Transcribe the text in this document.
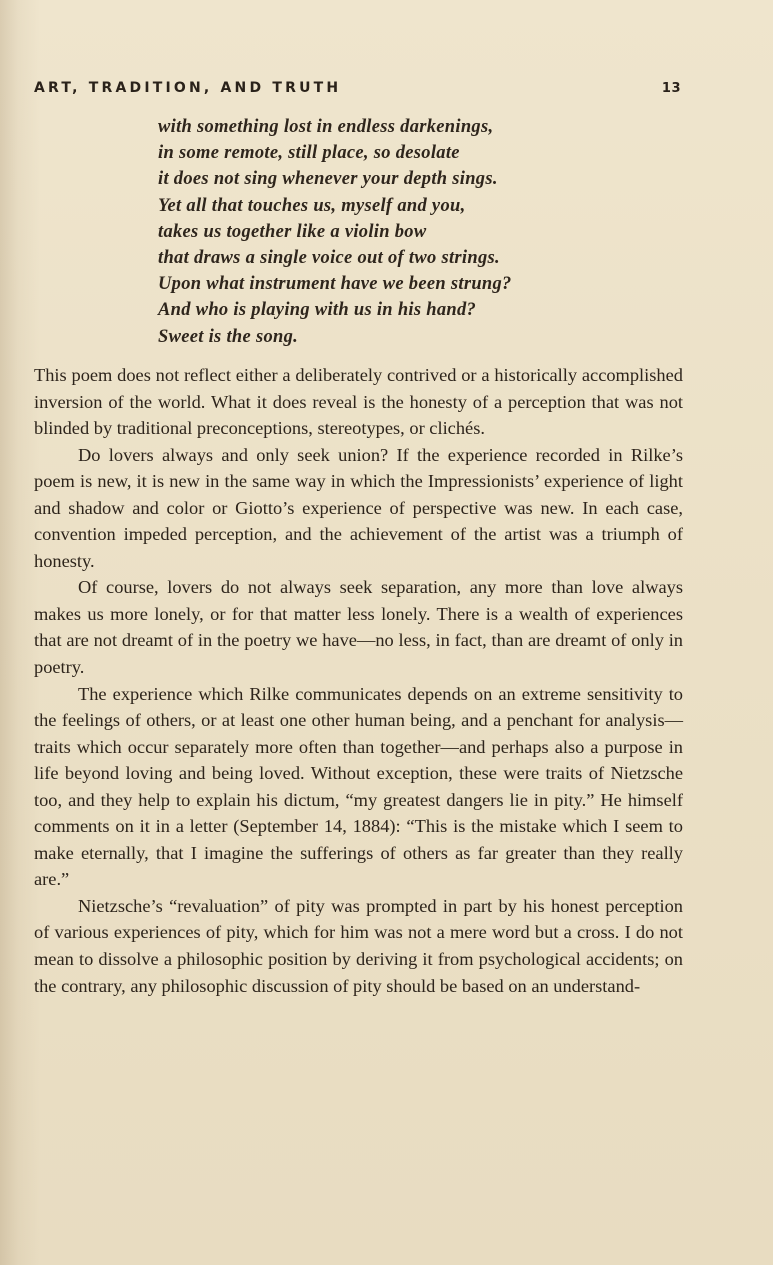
ART, TRADITION, AND TRUTH	13
with something lost in endless darkenings,
in some remote, still place, so desolate
it does not sing whenever your depth sings.
Yet all that touches us, myself and you,
takes us together like a violin bow
that draws a single voice out of two strings.
Upon what instrument have we been strung?
And who is playing with us in his hand?
Sweet is the song.

This poem does not reflect either a deliberately contrived or a historically accomplished inversion of the world. What it does reveal is the honesty of a perception that was not blinded by traditional preconceptions, stereotypes, or clichés.

Do lovers always and only seek union? If the experience recorded in Rilke’s poem is new, it is new in the same way in which the Impressionists’ experience of light and shadow and color or Giotto’s experience of perspective was new. In each case, convention impeded perception, and the achievement of the artist was a triumph of honesty.

Of course, lovers do not always seek separation, any more than love always makes us more lonely, or for that matter less lonely. There is a wealth of experiences that are not dreamt of in the poetry we have—no less, in fact, than are dreamt of only in poetry.

The experience which Rilke communicates depends on an extreme sensitivity to the feelings of others, or at least one other human being, and a penchant for analysis—traits which occur separately more often than together—and perhaps also a purpose in life beyond loving and being loved. Without exception, these were traits of Nietzsche too, and they help to explain his dictum, “my greatest dangers lie in pity.” He himself comments on it in a letter (September 14, 1884): “This is the mistake which I seem to make eternally, that I imagine the sufferings of others as far greater than they really are.”

Nietzsche’s “revaluation” of pity was prompted in part by his honest perception of various experiences of pity, which for him was not a mere word but a cross. I do not mean to dissolve a philosophic position by deriving it from psychological accidents; on the contrary, any philosophic discussion of pity should be based on an understand-
